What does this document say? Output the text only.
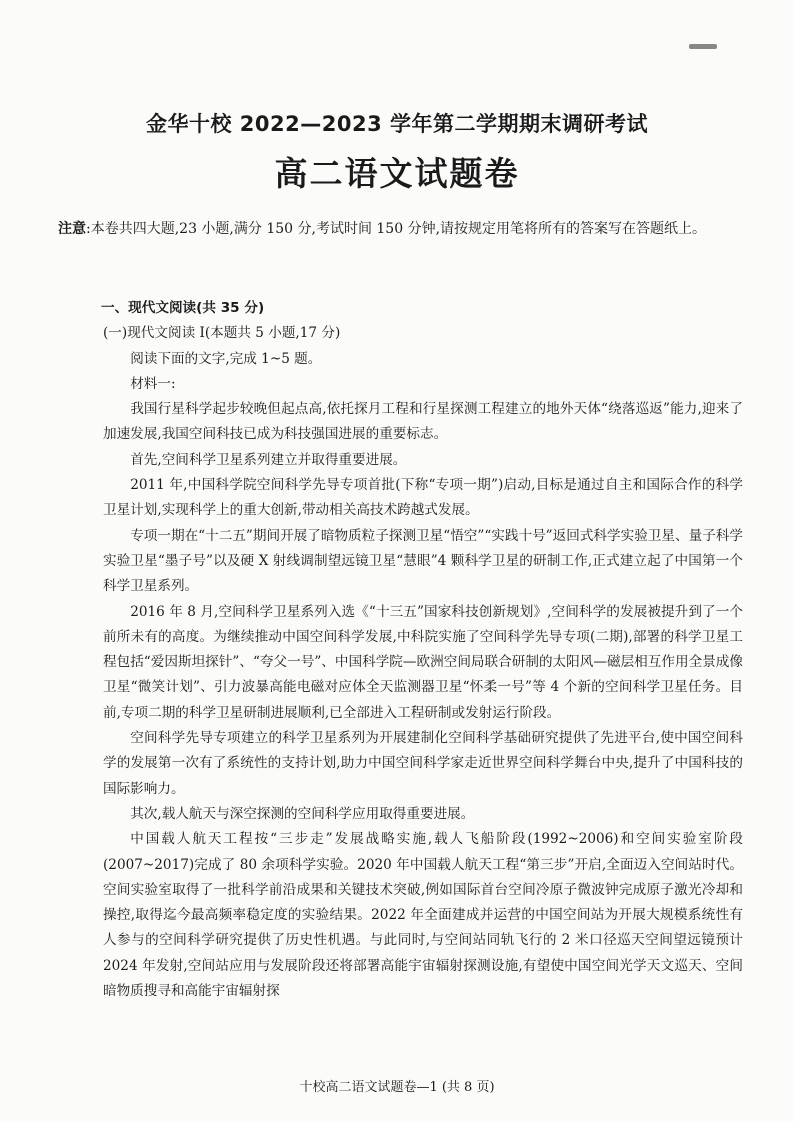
金华十校 2022—2023 学年第二学期期末调研考试
高二语文试题卷
注意:本卷共四大题,23 小题,满分 150 分,考试时间 150 分钟,请按规定用笔将所有的答案写在答题纸上。

一、现代文阅读(共 35 分)

(一)现代文阅读 Ⅰ(本题共 5 小题,17 分)

阅读下面的文字,完成 1~5 题。

材料一:

我国行星科学起步较晚但起点高,依托探月工程和行星探测工程建立的地外天体“绕落巡返”能力,迎来了加速发展,我国空间科技已成为科技强国进展的重要标志。

首先,空间科学卫星系列建立并取得重要进展。

2011 年,中国科学院空间科学先导专项首批(下称“专项一期”)启动,目标是通过自主和国际合作的科学卫星计划,实现科学上的重大创新,带动相关高技术跨越式发展。

专项一期在“十二五”期间开展了暗物质粒子探测卫星“悟空”“实践十号”返回式科学实验卫星、量子科学实验卫星“墨子号”以及硬 X 射线调制望远镜卫星“慧眼”4 颗科学卫星的研制工作,正式建立起了中国第一个科学卫星系列。

2016 年 8 月,空间科学卫星系列入选《“十三五”国家科技创新规划》,空间科学的发展被提升到了一个前所未有的高度。为继续推动中国空间科学发展,中科院实施了空间科学先导专项(二期),部署的科学卫星工程包括“爱因斯坦探针”、“夸父一号”、中国科学院—欧洲空间局联合研制的太阳风—磁层相互作用全景成像卫星“微笑计划”、引力波暴高能电磁对应体全天监测器卫星“怀柔一号”等 4 个新的空间科学卫星任务。目前,专项二期的科学卫星研制进展顺利,已全部进入工程研制或发射运行阶段。

空间科学先导专项建立的科学卫星系列为开展建制化空间科学基础研究提供了先进平台,使中国空间科学的发展第一次有了系统性的支持计划,助力中国空间科学家走近世界空间科学舞台中央,提升了中国科技的国际影响力。

其次,载人航天与深空探测的空间科学应用取得重要进展。

中国载人航天工程按“三步走”发展战略实施,载人飞船阶段(1992~2006)和空间实验室阶段(2007~2017)完成了 80 余项科学实验。2020 年中国载人航天工程“第三步”开启,全面迈入空间站时代。空间实验室取得了一批科学前沿成果和关键技术突破,例如国际首台空间冷原子微波钟完成原子激光冷却和操控,取得迄今最高频率稳定度的实验结果。2022 年全面建成并运营的中国空间站为开展大规模系统性有人参与的空间科学研究提供了历史性机遇。与此同时,与空间站同轨飞行的 2 米口径巡天空间望远镜预计 2024 年发射,空间站应用与发展阶段还将部署高能宇宙辐射探测设施,有望使中国空间光学天文巡天、空间暗物质搜寻和高能宇宙辐射探

十校高二语文试题卷—1 (共 8 页)
